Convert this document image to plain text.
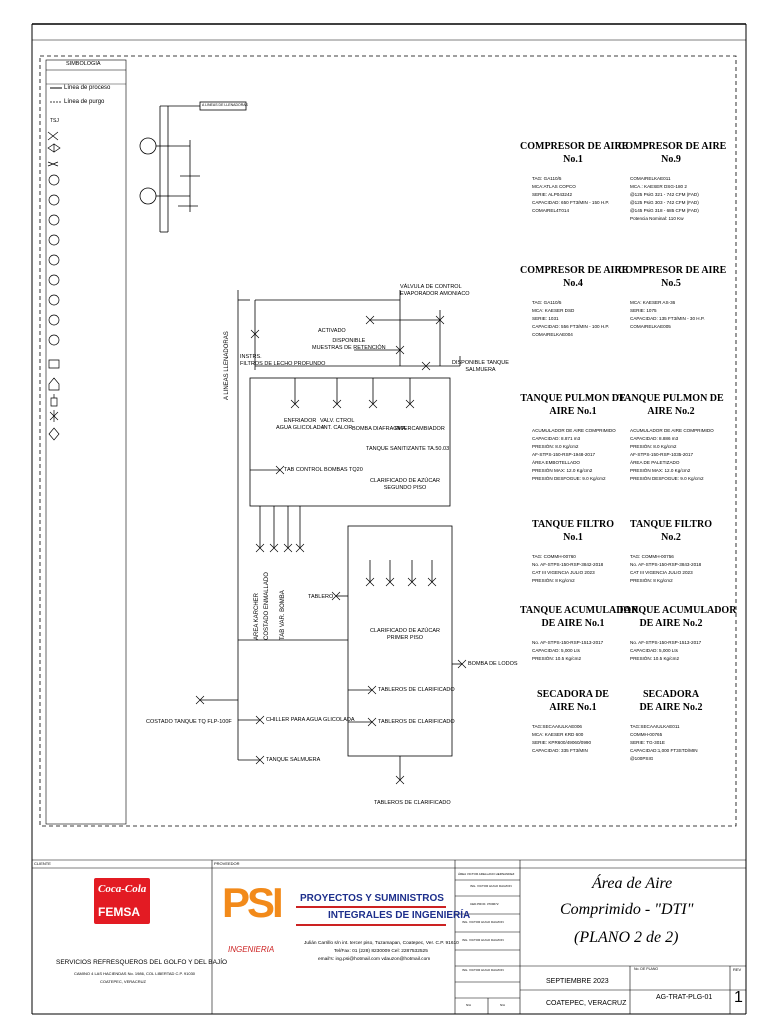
SIMBOLOGIA
Línea de proceso
Línea de purgo
TSJ
A LINEAS DE LLENADORAS
A LINEAS LLENADORAS
VÁLVULA DE CONTROL
EVAPORADOR AMONIACO
ACTIVADO
DISPONIBLE
MUESTRAS DE RETENCIÓN
DISPONIBLE TANQUE
SALMUERA
INSTRS.
FILTROS DE LECHO PROFUNDO
ENFRIADOR
AGUA GLICOLADA
VALV. CTROL
INT. CALOR BOMBA DIAFRAGMA
INTERCAMBIADOR
TANQUE SANITIZANTE TA.50.03
TAB CONTROL BOMBAS TQ20
CLARIFICADO DE AZÚCAR
SEGUNDO PISO
AREA KARCHER COSTADO ENMALLADO TAB VAR. BOMBA	TABLERO
CLARIFICADO DE AZÚCAR
PRIMER PISO
BOMBA DE LODOS
TABLEROS DE CLARIFICADO
TABLEROS DE CLARIFICADO
TABLEROS DE CLARIFICADO
COSTADO TANQUE TQ FLP-100F	CHILLER PARA AGUA GLICOLADA
TANQUE SALMUERA
COMPRESOR DE AIRE
No.1
TAG: GA110/5
MCA:ATLAS COPCO
SERIE: ALP043242
CAPACIDAD: 650 FT3/MIN - 150 H.P.
COMAIREL4T014
COMPRESOR DE AIRE
No.9
COMAIRELKAE011
MCA.: KAESER DSG-180 2
@125 PsiG 321 - 742 CFM (FAD)
@125 PsiG 303 - 742 CFM (FAD)
@145 PsiG 318 - 685 CFM (FAD)
Potencia Nominal: 110 Kw
COMPRESOR DE AIRE
No.4
TAG: GA110/5
MCA: KAESER DSD
SERIE: 1031
CAPACIDAD: 556 FT3/MIN - 100 H.P.
COMAIRELKAE004
COMPRESOR DE AIRE
No.5
MCA: KAESER AS-36
SERIE: 1075
CAPACIDAD: 135 FT3/MIN - 30 H.P.
COMAIRELKAE005
TANQUE PULMON DE
AIRE No.1
ACUMULADOR DE AIRE COMPRIMIDO
CAPACIDAD: 8.871 m3
PRESIÓN: 8.0 Kg/cm2
AF-STPS-150-RSP-1948-2017
ÁREA EMBOTELLADO
PRESIÓN MAX: 12.0 Kg/cm2
PRESIÓN DESFOGUE: 9.0 Kg/cm2
TANQUE PULMON DE
AIRE No.2
ACUMULADOR DE AIRE COMPRIMIDO
CAPACIDAD: 8.886 m3
PRESIÓN: 8.0 Kg/cm2
AF-STPS-150-RSP-1035-2017
ÁREA DE PALETIZADO
PRESIÓN MAX: 12.0 Kg/cm2
PRESIÓN DESFOGUE: 9.0 Kg/cm2
TANQUE FILTRO
No.1
TAG: COMMH-00760
No. AF-STPS-150-RSP-3842-2018
CAT III VIGENCIA JULIO 2023
PRESIÓN: 8 Kg/cm2
TANQUE FILTRO
No.2
TAG: COMMH-00756
No. AF-STPS-150-RSP-3843-2018
CAT III VIGENCIA JULIO 2023
PRESIÓN: 8 Kg/cm2
TANQUE ACUMULADOR
DE AIRE No.1
No. AF-STPS-150-RSP-1513-2017
CAPACIDAD: 5,000 Lts
PRESIÓN: 10.5 Kg/cm2
TANQUE ACUMULADOR
DE AIRE No.2
No. AF-STPS-150-RSP-1513-2017
CAPACIDAD: 5,000 Lts
PRESIÓN: 10.5 Kg/cm2
SECADORA DE
AIRE No.1
TAG:SECAAIULKAE006
MCA: KAESER KRD 600
SERIE: KPR600/49060/0990
CAPACIDAD: 335 FT3/MIN
SECADORA
DE AIRE No.2
TAG:SECAAIULKAE011
COMMH-00765
SERIE: TG-301E
CAPACIDAD:1,000 FT3STD/MIN
@100PSIG
CLIENTE
Coca-Cola
FEMSA
SERVICIOS REFRESQUEROS DEL GOLFO Y DEL BAJÍO
CAMINO 4 LAS HACIENDAS No. 1986, COL LIBERTAD C.P. 91030
COATEPEC, VERACRUZ
PROVEEDOR
PSI
INGENIERIA
PROYECTOS Y SUMINISTROS
INTEGRALES DE INGENIERÍA
Julián Carrillo s/n int. tercer piso, Tuzamapan, Coatepec, Ver. C.P. 91610
Tel/Fax: 01 (228) 8230009 Cel: 2287532525
email's: ing.psi@hotmail.com vdauzon@hotmail.com
ÁREA VICTOR ARELLANO HERNANDEZ
ING. VICTOR HUGO DAUZON
CED.PROF. 3709672
ING. VICTOR HUGO DAUZON
ING. VICTOR HUGO DAUZON
ING. VICTOR HUGO DAUZON
N/A	N/A
Área de Aire
Comprimido - "DTI"
(PLANO 2 de 2)
SEPTIEMBRE 2023
COATEPEC, VERACRUZ
No. DE PLANO
AG-TRAT-PLG-01
REV
1
